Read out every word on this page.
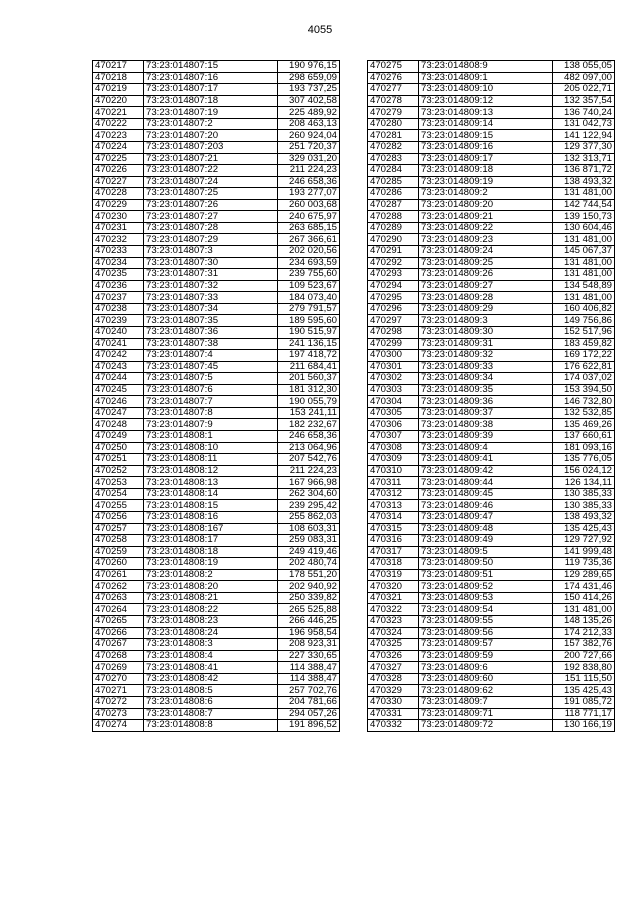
4055
470217	73:23:014807:15	190 976,15
470218	73:23:014807:16	298 659,09
470219	73:23:014807:17	193 737,25
470220	73:23:014807:18	307 402,58
470221	73:23:014807:19	225 489,92
470222	73:23:014807:2	208 463,13
470223	73:23:014807:20	260 924,04
470224	73:23:014807:203	251 720,37
470225	73:23:014807:21	329 031,20
470226	73:23:014807:22	211 224,23
470227	73:23:014807:24	246 658,36
470228	73:23:014807:25	193 277,07
470229	73:23:014807:26	260 003,68
470230	73:23:014807:27	240 675,97
470231	73:23:014807:28	263 685,15
470232	73:23:014807:29	267 366,61
470233	73:23:014807:3	202 020,56
470234	73:23:014807:30	234 693,59
470235	73:23:014807:31	239 755,60
470236	73:23:014807:32	109 523,67
470237	73:23:014807:33	184 073,40
470238	73:23:014807:34	279 791,57
470239	73:23:014807:35	189 595,60
470240	73:23:014807:36	190 515,97
470241	73:23:014807:38	241 136,15
470242	73:23:014807:4	197 418,72
470243	73:23:014807:45	211 684,41
470244	73:23:014807:5	201 560,37
470245	73:23:014807:6	181 312,30
470246	73:23:014807:7	190 055,79
470247	73:23:014807:8	153 241,11
470248	73:23:014807:9	182 232,67
470249	73:23:014808:1	246 658,36
470250	73:23:014808:10	213 064,96
470251	73:23:014808:11	207 542,76
470252	73:23:014808:12	211 224,23
470253	73:23:014808:13	167 966,98
470254	73:23:014808:14	262 304,60
470255	73:23:014808:15	239 295,42
470256	73:23:014808:16	255 862,03
470257	73:23:014808:167	108 603,31
470258	73:23:014808:17	259 083,31
470259	73:23:014808:18	249 419,46
470260	73:23:014808:19	202 480,74
470261	73:23:014808:2	178 551,20
470262	73:23:014808:20	202 940,92
470263	73:23:014808:21	250 339,82
470264	73:23:014808:22	265 525,88
470265	73:23:014808:23	266 446,25
470266	73:23:014808:24	196 958,54
470267	73:23:014808:3	208 923,31
470268	73:23:014808:4	227 330,65
470269	73:23:014808:41	114 388,47
470270	73:23:014808:42	114 388,47
470271	73:23:014808:5	257 702,76
470272	73:23:014808:6	204 781,66
470273	73:23:014808:7	294 057,26
470274	73:23:014808:8	191 896,52
470275	73:23:014808:9	138 055,05
470276	73:23:014809:1	482 097,00
470277	73:23:014809:10	205 022,71
470278	73:23:014809:12	132 357,54
470279	73:23:014809:13	136 740,24
470280	73:23:014809:14	131 042,73
470281	73:23:014809:15	141 122,94
470282	73:23:014809:16	129 377,30
470283	73:23:014809:17	132 313,71
470284	73:23:014809:18	136 871,72
470285	73:23:014809:19	138 493,32
470286	73:23:014809:2	131 481,00
470287	73:23:014809:20	142 744,54
470288	73:23:014809:21	139 150,73
470289	73:23:014809:22	130 604,46
470290	73:23:014809:23	131 481,00
470291	73:23:014809:24	145 067,37
470292	73:23:014809:25	131 481,00
470293	73:23:014809:26	131 481,00
470294	73:23:014809:27	134 548,89
470295	73:23:014809:28	131 481,00
470296	73:23:014809:29	160 406,82
470297	73:23:014809:3	149 756,86
470298	73:23:014809:30	152 517,96
470299	73:23:014809:31	183 459,82
470300	73:23:014809:32	169 172,22
470301	73:23:014809:33	176 622,81
470302	73:23:014809:34	174 037,02
470303	73:23:014809:35	153 394,50
470304	73:23:014809:36	146 732,80
470305	73:23:014809:37	132 532,85
470306	73:23:014809:38	135 469,26
470307	73:23:014809:39	137 660,61
470308	73:23:014809:4	181 093,16
470309	73:23:014809:41	135 776,05
470310	73:23:014809:42	156 024,12
470311	73:23:014809:44	126 134,11
470312	73:23:014809:45	130 385,33
470313	73:23:014809:46	130 385,33
470314	73:23:014809:47	138 493,32
470315	73:23:014809:48	135 425,43
470316	73:23:014809:49	129 727,92
470317	73:23:014809:5	141 999,48
470318	73:23:014809:50	119 735,36
470319	73:23:014809:51	129 289,65
470320	73:23:014809:52	174 431,46
470321	73:23:014809:53	150 414,26
470322	73:23:014809:54	131 481,00
470323	73:23:014809:55	148 135,26
470324	73:23:014809:56	174 212,33
470325	73:23:014809:57	157 382,76
470326	73:23:014809:59	200 727,66
470327	73:23:014809:6	192 838,80
470328	73:23:014809:60	151 115,50
470329	73:23:014809:62	135 425,43
470330	73:23:014809:7	191 085,72
470331	73:23:014809:71	118 771,17
470332	73:23:014809:72	130 166,19
